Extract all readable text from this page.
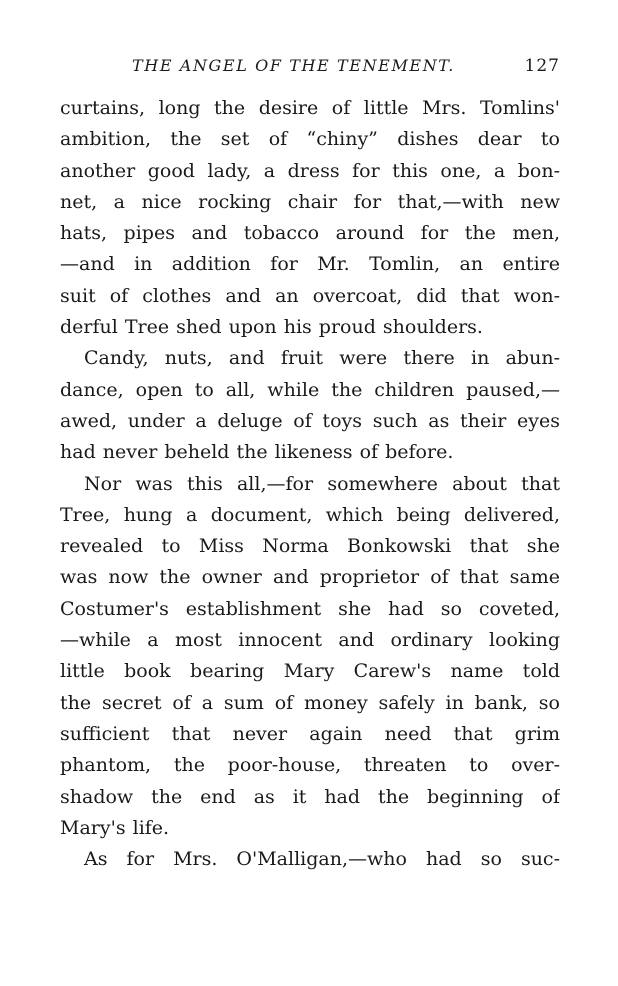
THE ANGEL OF THE TENEMENT.	127
curtains, long the desire of little Mrs. Tomlins'
ambition, the set of “chiny” dishes dear to
another good lady, a dress for this one, a bon-
net, a nice rocking chair for that,—with new
hats, pipes and tobacco around for the men,
—and in addition for Mr. Tomlin, an entire
suit of clothes and an overcoat, did that won-
derful Tree shed upon his proud shoulders.
Candy, nuts, and fruit were there in abun-
dance, open to all, while the children paused,—
awed, under a deluge of toys such as their eyes
had never beheld the likeness of before.
Nor was this all,—for somewhere about that
Tree, hung a document, which being delivered,
revealed to Miss Norma Bonkowski that she
was now the owner and proprietor of that same
Costumer's establishment she had so coveted,
—while a most innocent and ordinary looking
little book bearing Mary Carew's name told
the secret of a sum of money safely in bank, so
sufficient that never again need that grim
phantom, the poor-house, threaten to over-
shadow the end as it had the beginning of
Mary's life.
As for Mrs. O'Malligan,—who had so suc-
